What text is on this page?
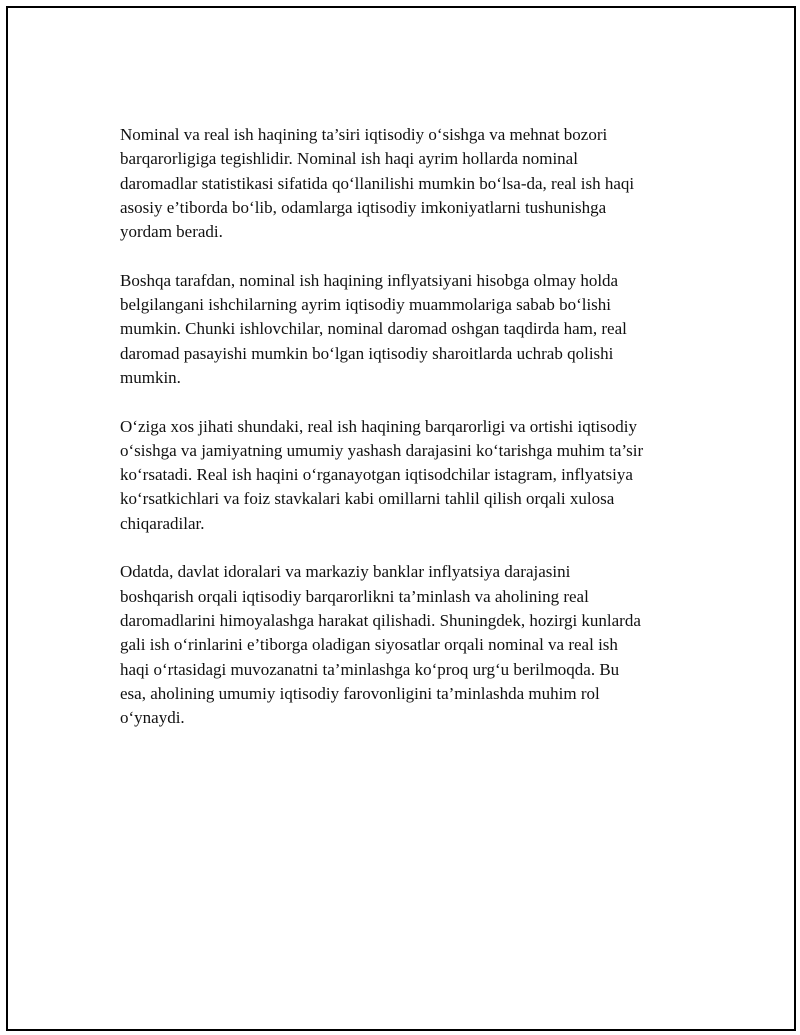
Nominal va real ish haqining ta’siri iqtisodiy o‘sishga va mehnat bozori
barqarorligiga tegishlidir. Nominal ish haqi ayrim hollarda nominal
daromadlar statistikasi sifatida qo‘llanilishi mumkin bo‘lsa-da, real ish haqi
asosiy e’tiborda bo‘lib, odamlarga iqtisodiy imkoniyatlarni tushunishga
yordam beradi.

Boshqa tarafdan, nominal ish haqining inflyatsiyani hisobga olmay holda
belgilangani ishchilarning ayrim iqtisodiy muammolariga sabab bo‘lishi
mumkin. Chunki ishlovchilar, nominal daromad oshgan taqdirda ham, real
daromad pasayishi mumkin bo‘lgan iqtisodiy sharoitlarda uchrab qolishi
mumkin.

O‘ziga xos jihati shundaki, real ish haqining barqarorligi va ortishi iqtisodiy
o‘sishga va jamiyatning umumiy yashash darajasini ko‘tarishga muhim ta’sir
ko‘rsatadi. Real ish haqini o‘rganayotgan iqtisodchilar istagram, inflyatsiya
ko‘rsatkichlari va foiz stavkalari kabi omillarni tahlil qilish orqali xulosa
chiqaradilar.

Odatda, davlat idoralari va markaziy banklar inflyatsiya darajasini
boshqarish orqali iqtisodiy barqarorlikni ta’minlash va aholining real
daromadlarini himoyalashga harakat qilishadi. Shuningdek, hozirgi kunlarda
gali ish o‘rinlarini e’tiborga oladigan siyosatlar orqali nominal va real ish
haqi o‘rtasidagi muvozanatni ta’minlashga ko‘proq urg‘u berilmoqda. Bu
esa, aholining umumiy iqtisodiy farovonligini ta’minlashda muhim rol
o‘ynaydi.
